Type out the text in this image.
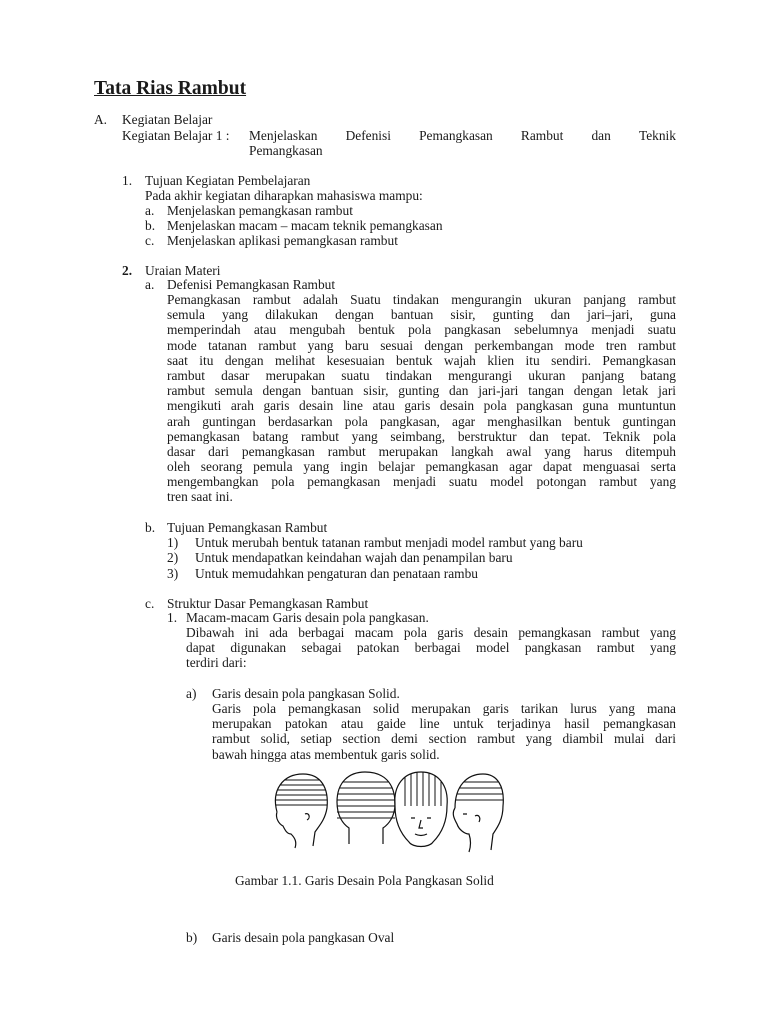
Tata Rias Rambut
A. Kegiatan Belajar
Kegiatan Belajar 1 : Menjelaskan Defenisi Pemangkasan Rambut dan Teknik
Pemangkasan
1. Tujuan Kegiatan Pembelajaran
Pada akhir kegiatan diharapkan mahasiswa mampu:
a. Menjelaskan pemangkasan rambut
b. Menjelaskan macam – macam teknik pemangkasan
c. Menjelaskan aplikasi pemangkasan rambut
2. Uraian Materi
a. Defenisi Pemangkasan Rambut

Pemangkasan rambut adalah Suatu tindakan mengurangin ukuran panjang rambut

semula yang dilakukan dengan bantuan sisir, gunting dan jari–jari, guna

memperindah atau mengubah bentuk pola pangkasan sebelumnya menjadi suatu

mode tatanan rambut yang baru sesuai dengan perkembangan mode tren rambut

saat itu dengan melihat kesesuaian bentuk wajah klien itu sendiri. Pemangkasan

rambut dasar merupakan suatu tindakan mengurangi ukuran panjang batang

rambut semula dengan bantuan sisir, gunting dan jari-jari tangan dengan letak jari

mengikuti arah garis desain line atau garis desain pola pangkasan guna muntuntun

arah guntingan berdasarkan pola pangkasan, agar menghasilkan bentuk guntingan

pemangkasan batang rambut yang seimbang, berstruktur dan tepat. Teknik pola

dasar dari pemangkasan rambut merupakan langkah awal yang harus ditempuh

oleh seorang pemula yang ingin belajar pemangkasan agar dapat menguasai serta

mengembangkan pola pemangkasan menjadi suatu model potongan rambut yang

tren saat ini.

b. Tujuan Pemangkasan Rambut
1) Untuk merubah bentuk tatanan rambut menjadi model rambut yang baru
2) Untuk mendapatkan keindahan wajah dan penampilan baru
3) Untuk memudahkan pengaturan dan penataan rambu
c. Struktur Dasar Pemangkasan Rambut
1. Macam-macam Garis desain pola pangkasan.

Dibawah ini ada berbagai macam pola garis desain pemangkasan rambut yang

dapat digunakan sebagai patokan berbagai model pangkasan rambut yang

terdiri dari:

a) Garis desain pola pangkasan Solid.

Garis pola pemangkasan solid merupakan garis tarikan lurus yang mana

merupakan patokan atau gaide line untuk terjadinya hasil pemangkasan

rambut solid, setiap section demi section rambut yang diambil mulai dari

bawah hingga atas membentuk garis solid.

Gambar 1.1. Garis Desain Pola Pangkasan Solid
b) Garis desain pola pangkasan Oval
